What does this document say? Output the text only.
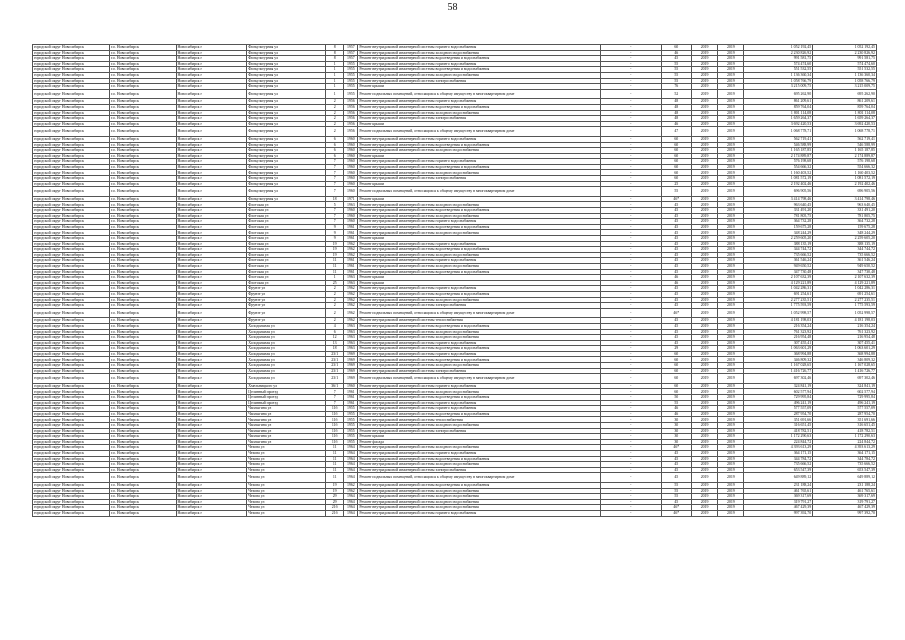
58
городской округ Новосибирск	г.о. Новосибирск	Новосибирск г	Физкультурная ул	8	1957	Ремонт внутридомовой инженерной системы горячего водоснабжения	-	60	2019	2019	1 052 192,45	1 052 192,45
городской округ Новосибирск	г.о. Новосибирск	Новосибирск г	Физкультурная ул	8	1957	Ремонт внутридомовой инженерной системы холодного водоснабжения	-	46	2019	2019	2 230 826,92	2 230 826,92
городской округ Новосибирск	г.о. Новосибирск	Новосибирск г	Физкультурная ул	8	1957	Ремонт внутридомовой инженерной системы водоотведения и водоснабжения	-	45	2019	2019	991 581,75	991 581,75
городской округ Новосибирск	г.о. Новосибирск	Новосибирск г	Физкультурная ул	1	1955	Ремонт внутридомовой инженерной системы горячего водоснабжения	-	55	2019	2019	574 474,60	574 474,60
городской округ Новосибирск	г.о. Новосибирск	Новосибирск г	Физкультурная ул	1	1955	Ремонт внутридомовой инженерной системы водоотведения и водоснабжения	-	55	2019	2019	551 532,55	551 532,55
городской округ Новосибирск	г.о. Новосибирск	Новосибирск г	Физкультурная ул	1	1955	Ремонт внутридомовой инженерной системы холодного водоснабжения	-	55	2019	2019	1 136 360,34	1 136 360,34
городской округ Новосибирск	г.о. Новосибирск	Новосибирск г	Физкультурная ул	1	1955	Ремонт внутридомовой инженерной системы электроснабжения	-	55	2019	2019	1 058 766,79	1 058 766,79
городской округ Новосибирск	г.о. Новосибирск	Новосибирск г	Физкультурная ул	1	1955	Ремонт крыши	-	76	2019	2019	3 215 009,75	3 215 009,75
городской округ Новосибирск	г.о. Новосибирск	Новосибирск г	Физкультурная ул	1	1955	Ремонт подвальных помещений, относящихся к общему имуществу в многоквартирном доме	-	52	2019	2019	695 262,90	695 262,90
городской округ Новосибирск	г.о. Новосибирск	Новосибирск г	Физкультурная ул	2	1956	Ремонт внутридомовой инженерной системы горячего водоснабжения	-	48	2019	2019	861 209,61	861 209,61
городской округ Новосибирск	г.о. Новосибирск	Новосибирск г	Физкультурная ул	2	1956	Ремонт внутридомовой инженерной системы водоотведения и водоснабжения	-	48	2019	2019	859 764,04	859 764,04
городской округ Новосибирск	г.о. Новосибирск	Новосибирск г	Физкультурная ул	2	1956	Ремонт внутридомовой инженерной системы холодного водоснабжения	-	48	2019	2019	1 801 114,08	1 801 114,08
городской округ Новосибирск	г.о. Новосибирск	Новосибирск г	Физкультурная ул	2	1956	Ремонт внутридомовой инженерной системы электроснабжения	-	48	2019	2019	1 659 264,37	1 659 264,37
городской округ Новосибирск	г.о. Новосибирск	Новосибирск г	Физкультурная ул	2	1956	Ремонт крыши	-	46	2019	2019	3 692 420,53	3 692 420,53
городской округ Новосибирск	г.о. Новосибирск	Новосибирск г	Физкультурная ул	2	1956	Ремонт подвальных помещений, относящихся к общему имуществу в многоквартирном доме	-	47	2019	2019	1 068 778,71	1 068 778,71
городской округ Новосибирск	г.о. Новосибирск	Новосибирск г	Физкультурная ул	6	1960	Ремонт внутридомовой инженерной системы горячего водоснабжения	-	60	2019	2019	562 719,41	562 719,41
городской округ Новосибирск	г.о. Новосибирск	Новосибирск г	Физкультурная ул	6	1960	Ремонт внутридомовой инженерной системы водоотведения и водоснабжения	-	60	2019	2019	546 588,99	546 588,99
городской округ Новосибирск	г.о. Новосибирск	Новосибирск г	Физкультурная ул	6	1960	Ремонт внутридомовой инженерной системы холодного водоснабжения	-	60	2019	2019	1 165 187,85	1 165 187,85
городской округ Новосибирск	г.о. Новосибирск	Новосибирск г	Физкультурная ул	6	1960	Ремонт крыши	-	60	2019	2019	2 174 889,87	2 174 889,87
городской округ Новосибирск	г.о. Новосибирск	Новосибирск г	Физкультурная ул	7	1960	Ремонт внутридомовой инженерной системы горячего водоснабжения	-	60	2019	2019	576 198,68	576 198,68
городской округ Новосибирск	г.о. Новосибирск	Новосибирск г	Физкультурная ул	7	1960	Ремонт внутридомовой инженерной системы водоотведения и водоснабжения	-	60	2019	2019	554 666,32	554 666,32
городской округ Новосибирск	г.о. Новосибирск	Новосибирск г	Физкультурная ул	7	1960	Ремонт внутридомовой инженерной системы холодного водоснабжения	-	60	2019	2019	1 160 403,52	1 160 403,52
городской округ Новосибирск	г.о. Новосибирск	Новосибирск г	Физкультурная ул	7	1960	Ремонт внутридомовой инженерной системы электроснабжения	-	60	2019	2019	1 081 572,19	1 081 572,19
городской округ Новосибирск	г.о. Новосибирск	Новосибирск г	Физкультурная ул	7	1960	Ремонт крыши	-	25	2019	2019	2 192 402,46	2 192 402,46
городской округ Новосибирск	г.о. Новосибирск	Новосибирск г	Физкультурная ул	7	1960	Ремонт подвальных помещений, относящихся к общему имуществу в многоквартирном доме	-	55	2019	2019	696 905,56	696 905,56
городской округ Новосибирск	г.о. Новосибирск	Новосибирск г	Физкультурная ул	18	1971	Ремонт крыши	-	46*	2019	2019	3 414 798,46	3 414 798,46
городской округ Новосибирск	г.о. Новосибирск	Новосибирск г	Флотская ул	5	1963	Ремонт внутридомовой инженерной системы холодного водоснабжения	-	45	2019	2019	963 640,45	963 640,45
городской округ Новосибирск	г.о. Новосибирск	Новосибирск г	Флотская ул	7	1960	Ремонт внутридомовой инженерной системы водоотведения и водоснабжения	-	45	2019	2019	331 491,20	331 491,20
городской округ Новосибирск	г.о. Новосибирск	Новосибирск г	Флотская ул	7	1960	Ремонт внутридомовой инженерной системы холодного водоснабжения	-	45	2019	2019	781 805,75	781 805,75
городской округ Новосибирск	г.о. Новосибирск	Новосибирск г	Флотская ул	7	1960	Ремонт внутридомовой инженерной системы горячего водоснабжения	-	45	2019	2019	364 732,28	364 732,28
городской округ Новосибирск	г.о. Новосибирск	Новосибирск г	Флотская ул	9	1961	Ремонт внутридомовой инженерной системы водоотведения и водоснабжения	-	45	2019	2019	159 675,28	159 675,28
городской округ Новосибирск	г.о. Новосибирск	Новосибирск г	Флотская ул	9	1961	Ремонт внутридомовой инженерной системы холодного водоснабжения	-	45	2019	2019	348 244,29	348 244,29
городской округ Новосибирск	г.о. Новосибирск	Новосибирск г	Флотская ул	9	1961	Ремонт крыши	-	45	2019	2019	2 259 605,20	2 259 605,20
городской округ Новосибирск	г.о. Новосибирск	Новосибирск г	Флотская ул	19	1962	Ремонт внутридомовой инженерной системы горячего водоснабжения	-	45	2019	2019	388 135,19	388 135,19
городской округ Новосибирск	г.о. Новосибирск	Новосибирск г	Флотская ул	19	1962	Ремонт внутридомовой инженерной системы водоотведения и водоснабжения	-	45	2019	2019	344 744,72	344 744,72
городской округ Новосибирск	г.о. Новосибирск	Новосибирск г	Флотская ул	19	1962	Ремонт внутридомовой инженерной системы холодного водоснабжения	-	45	2019	2019	735 666,52	735 666,52
городской округ Новосибирск	г.о. Новосибирск	Новосибирск г	Флотская ул	11	1961	Ремонт внутридомовой инженерной системы горячего водоснабжения	-	45	2019	2019	361 546,24	361 546,24
городской округ Новосибирск	г.о. Новосибирск	Новосибирск г	Флотская ул	11	1961	Ремонт внутридомовой инженерной системы холодного водоснабжения	-	45	2019	2019	949 650,52	949 650,52
городской округ Новосибирск	г.о. Новосибирск	Новосибирск г	Флотская ул	11	1961	Ремонт внутридомовой инженерной системы водоотведения и водоснабжения	-	45	2019	2019	347 730,48	347 730,48
городской округ Новосибирск	г.о. Новосибирск	Новосибирск г	Флотская ул	1	1963	Ремонт крыши	-	46	2019	2019	2 107 632,39	2 107 632,39
городской округ Новосибирск	г.о. Новосибирск	Новосибирск г	Флотская ул	25	1963	Ремонт крыши	-	46	2019	2019	4 129 221,89	4 129 221,89
городской округ Новосибирск	г.о. Новосибирск	Новосибирск г	Фрунзе ул	2	1962	Ремонт внутридомовой инженерной системы горячего водоснабжения	-	45	2019	2019	1 042 286,31	1 042 286,31
городской округ Новосибирск	г.о. Новосибирск	Новосибирск г	Фрунзе ул	2	1962	Ремонт внутридомовой инженерной системы водоотведения и водоснабжения	-	45	2019	2019	691 254,61	691 254,61
городской округ Новосибирск	г.о. Новосибирск	Новосибирск г	Фрунзе ул	2	1962	Ремонт внутридомовой инженерной системы холодного водоснабжения	-	45	2019	2019	2 277 235,51	2 277 235,51
городской округ Новосибирск	г.о. Новосибирск	Новосибирск г	Фрунзе ул	2	1962	Ремонт внутридомовой инженерной системы электроснабжения	-	45	2019	2019	1 775 593,59	1 775 593,59
городской округ Новосибирск	г.о. Новосибирск	Новосибирск г	Фрунзе ул	2	1962	Ремонт подвальных помещений, относящихся к общему имуществу в многоквартирном доме	-	46*	2019	2019	1 052 998,57	1 052 998,57
городской округ Новосибирск	г.о. Новосибирск	Новосибирск г	Фрунзе ул	2	1962	Ремонт внутридомовой инженерной системы теплоснабжения	-	45	2019	2019	4 181 198,03	4 181 198,03
городской округ Новосибирск	г.о. Новосибирск	Новосибирск г	Холодильная ул	4	1963	Ремонт внутридомовой инженерной системы водоотведения и водоснабжения	-	45	2019	2019	216 354,24	216 354,24
городской округ Новосибирск	г.о. Новосибирск	Новосибирск г	Холодильная ул	6	1963	Ремонт внутридомовой инженерной системы холодного водоснабжения	-	45	2019	2019	761 323,92	761 323,92
городской округ Новосибирск	г.о. Новосибирск	Новосибирск г	Холодильная ул	12	1963	Ремонт внутридомовой инженерной системы холодного водоснабжения	-	45	2019	2019	216 954,48	216 954,48
городской округ Новосибирск	г.о. Новосибирск	Новосибирск г	Холодильная ул	13	1963	Ремонт внутридомовой инженерной системы горячего водоснабжения	-	45	2019	2019	307 455,41	307 455,41
городской округ Новосибирск	г.о. Новосибирск	Новосибирск г	Холодильная ул	18	1963	Ремонт внутридомовой инженерной системы водоотведения и водоснабжения	-	29	2019	2019	1 063 601,29	1 063 601,29
городской округ Новосибирск	г.о. Новосибирск	Новосибирск г	Холодильная ул	23/1	1969	Ремонт внутридомовой инженерной системы горячего водоснабжения	-	60	2019	2019	368 994,88	368 994,88
городской округ Новосибирск	г.о. Новосибирск	Новосибирск г	Холодильная ул	23/1	1969	Ремонт внутридомовой инженерной системы водоотведения и водоснабжения	-	60	2019	2019	346 809,32	346 809,32
городской округ Новосибирск	г.о. Новосибирск	Новосибирск г	Холодильная ул	23/1	1969	Ремонт внутридомовой инженерной системы холодного водоснабжения	-	60	2019	2019	1 167 028,65	1 167 028,65
городской округ Новосибирск	г.о. Новосибирск	Новосибирск г	Холодильная ул	23/1	1969	Ремонт внутридомовой инженерной системы электроснабжения	-	60	2019	2019	1 416 726,77	1 416 726,77
городской округ Новосибирск	г.о. Новосибирск	Новосибирск г	Холодильная ул	23/1	1969	Ремонт подвальных помещений, относящихся к общему имуществу в многоквартирном доме	-	60	2019	2019	697 302,46	697 302,46
городской округ Новосибирск	г.о. Новосибирск	Новосибирск г	Хмельницкого ул	36/1	1960	Ремонт внутридомовой инженерной системы горячего водоснабжения	-	60	2019	2019	324 841,19	324 841,19
городской округ Новосибирск	г.о. Новосибирск	Новосибирск г	Целинный проезд	7	1961	Ремонт внутридомовой инженерной системы холодного водоснабжения	-	60	2019	2019	602 577,94	602 577,94
городской округ Новосибирск	г.о. Новосибирск	Новосибирск г	Целинный проезд	7	1961	Ремонт внутридомовой инженерной системы водоотведения и водоснабжения	-	50	2019	2019	729 995,84	729 995,84
городской округ Новосибирск	г.о. Новосибирск	Новосибирск г	Целинный проезд	7	1961	Ремонт внутридомовой инженерной системы горячего водоснабжения	-	55	2019	2019	496 241,19	496 241,19
городской округ Новосибирск	г.о. Новосибирск	Новосибирск г	Чаплыгина ул	11б	1955	Ремонт внутридомовой инженерной системы горячего водоснабжения	-	46	2019	2019	577 557,09	577 557,09
городской округ Новосибирск	г.о. Новосибирск	Новосибирск г	Чаплыгина ул	11б	1955	Ремонт внутридомовой инженерной системы водоотведения и водоснабжения	-	46	2019	2019	287 954,70	287 954,70
городской округ Новосибирск	г.о. Новосибирск	Новосибирск г	Чаплыгина ул	11б	1955	Ремонт внутридомовой инженерной системы теплоснабжения	-	30	2019	2019	351 691,66	351 691,66
городской округ Новосибирск	г.о. Новосибирск	Новосибирск г	Чаплыгина ул	11б	1955	Ремонт внутридомовой инженерной системы холодного водоснабжения	-	30	2019	2019	316 651,45	316 651,45
городской округ Новосибирск	г.о. Новосибирск	Новосибирск г	Чаплыгина ул	11б	1955	Ремонт внутридомовой инженерной системы электроснабжения	-	30	2019	2019	418 782,51	418 782,51
городской округ Новосибирск	г.о. Новосибирск	Новосибирск г	Чаплыгина ул	11б	1955	Ремонт крыши	-	30	2019	2019	1 172 290,63	1 172 290,63
городской округ Новосибирск	г.о. Новосибирск	Новосибирск г	Чаплыгина ул	11б	1955	Ремонт фасада	-	30	2019	2019	224 844,72	224 844,72
городской округ Новосибирск	г.о. Новосибирск	Новосибирск г	Чехова ул	11	1964	Ремонт внутридомовой инженерной системы холодного водоснабжения	-	46*	2019	2019	4 393 613,29	4 393 613,29
городской округ Новосибирск	г.о. Новосибирск	Новосибирск г	Чехова ул	11	1964	Ремонт внутридомовой инженерной системы горячего водоснабжения	-	45	2019	2019	364 171,15	364 171,15
городской округ Новосибирск	г.о. Новосибирск	Новосибирск г	Чехова ул	11	1964	Ремонт внутридомовой инженерной системы водоотведения и водоснабжения	-	45	2019	2019	344 784,72	344 784,72
городской округ Новосибирск	г.о. Новосибирск	Новосибирск г	Чехова ул	11	1964	Ремонт внутридомовой инженерной системы холодного водоснабжения	-	45	2019	2019	735 666,52	735 666,52
городской округ Новосибирск	г.о. Новосибирск	Новосибирск г	Чехова ул	11	1964	Ремонт внутридомовой инженерной системы электроснабжения	-	45	2019	2019	653 547,39	653 547,39
городской округ Новосибирск	г.о. Новосибирск	Новосибирск г	Чехова ул	11	1964	Ремонт подвальных помещений, относящихся к общему имуществу в многоквартирном доме	-	45	2019	2019	649 889,12	649 889,12
городской округ Новосибирск	г.о. Новосибирск	Новосибирск г	Чехова ул	19	1962	Ремонт внутридомовой инженерной системы водоотведения и водоснабжения	-	55	2019	2019	231 188,24	231 188,24
городской округ Новосибирск	г.о. Новосибирск	Новосибирск г	Чехова ул	19	1962	Ремонт внутридомовой инженерной системы холодного водоснабжения	-	55	2019	2019	461 765,61	461 765,61
городской округ Новосибирск	г.о. Новосибирск	Новосибирск г	Чехова ул	29	1964	Ремонт внутридомовой инженерной системы холодного водоснабжения	-	55	2019	2019	369 317,69	369 317,69
городской округ Новосибирск	г.о. Новосибирск	Новосибирск г	Чехова ул	29	1964	Ремонт внутридомовой инженерной системы холодного водоснабжения	-	45	2019	2019	319 791,27	319 791,27
городской округ Новосибирск	г.о. Новосибирск	Новосибирск г	Чехова ул	21б	1964	Ремонт внутридомовой инженерной системы холодного водоснабжения	-	46*	2019	2019	467 429,39	467 429,39
городской округ Новосибирск	г.о. Новосибирск	Новосибирск г	Чехова ул	21б	1964	Ремонт внутридомовой инженерной системы горячего водоснабжения	-	46*	2019	2019	997 392,70	997 392,70
